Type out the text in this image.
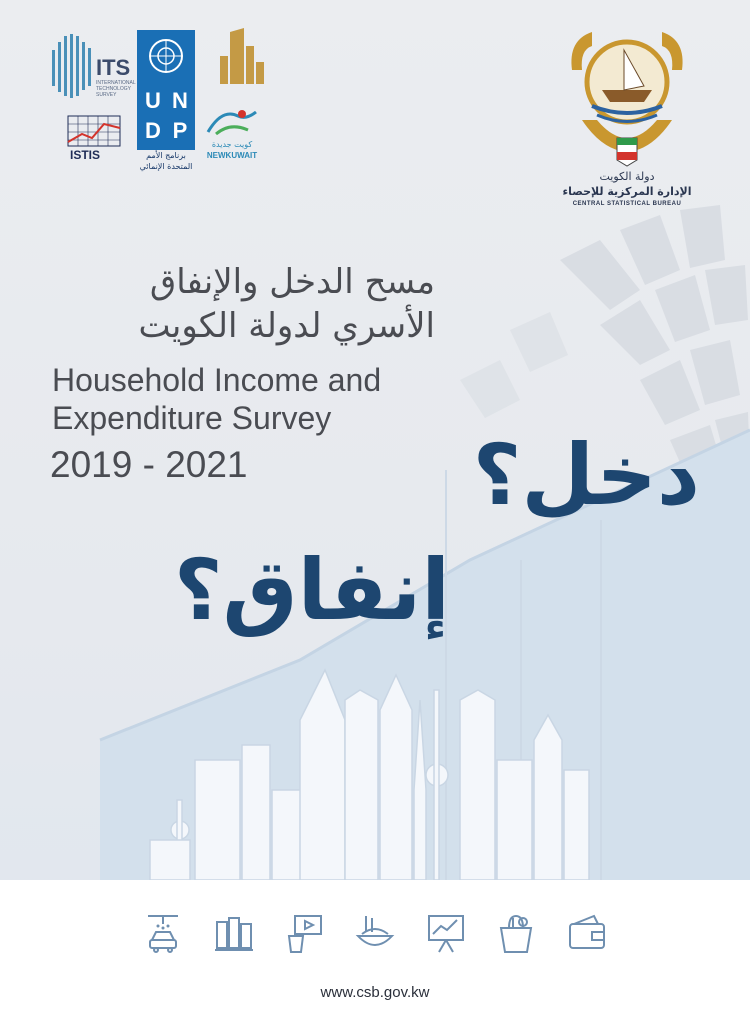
ITS
INTERNATIONAL TECHNOLOGY SURVEY
ISTIS
U N
D P
برنامج الأمم
المتحدة الإنمائي
كويت جديدة
NEWKUWAIT
دولة الكويت
الإدارة المركزية للإحصاء
CENTRAL STATISTICAL BUREAU
مسح الدخل والإنفاق
الأسري لدولة الكويت
Household Income and
Expenditure Survey
2019 - 2021	دخل؟
إنفاق؟
www.csb.gov.kw
